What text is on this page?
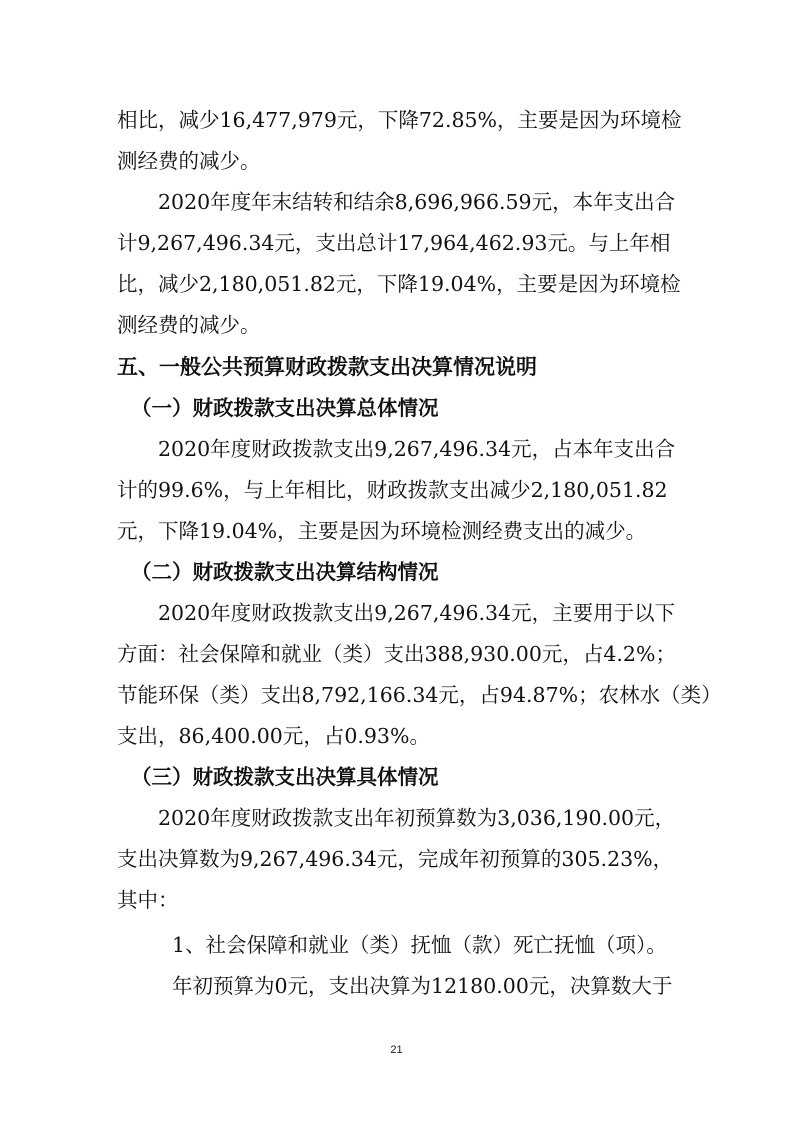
相比，减少16,477,979元，下降72.85%，主要是因为环境检
测经费的减少。
2020年度年末结转和结余8,696,966.59元，本年支出合
计9,267,496.34元，支出总计17,964,462.93元。与上年相
比，减少2,180,051.82元，下降19.04%，主要是因为环境检
测经费的减少。
五、一般公共预算财政拨款支出决算情况说明
（一）财政拨款支出决算总体情况
2020年度财政拨款支出9,267,496.34元，占本年支出合
计的99.6%，与上年相比，财政拨款支出减少2,180,051.82
元，下降19.04%，主要是因为环境检测经费支出的减少。
（二）财政拨款支出决算结构情况
2020年度财政拨款支出9,267,496.34元，主要用于以下
方面：社会保障和就业（类）支出388,930.00元，占4.2%；
节能环保（类）支出8,792,166.34元，占94.87%；农林水（类）
支出，86,400.00元，占0.93%。
（三）财政拨款支出决算具体情况
2020年度财政拨款支出年初预算数为3,036,190.00元，
支出决算数为9,267,496.34元，完成年初预算的305.23%，
其中：
1、社会保障和就业（类）抚恤（款）死亡抚恤（项）。
年初预算为0元，支出决算为12180.00元，决算数大于
21
